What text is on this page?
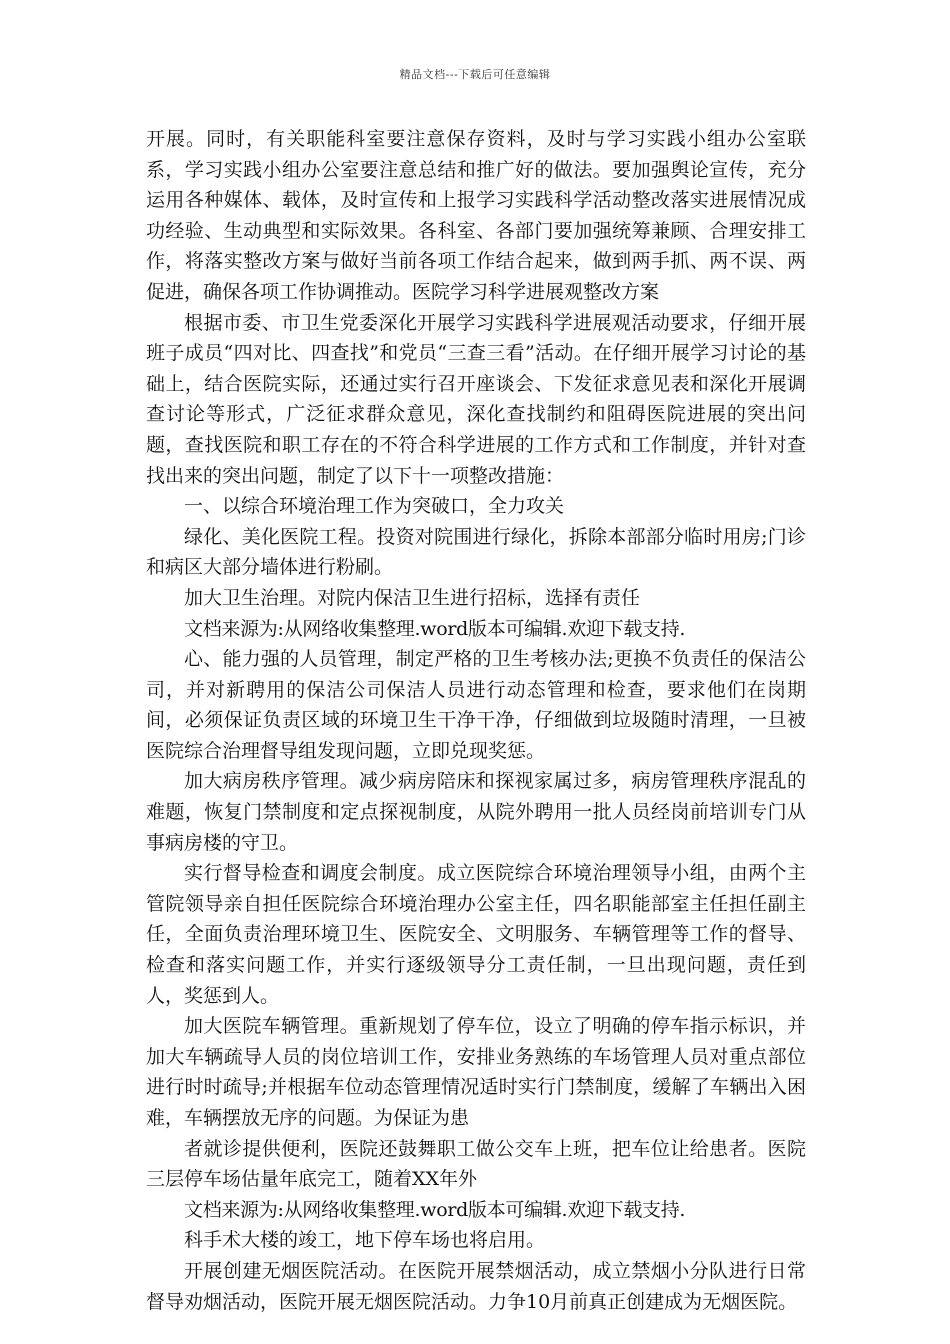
精品文档---下载后可任意编辑

开展。同时，有关职能科室要注意保存资料，及时与学习实践小组办公室联系，学习实践小组办公室要注意总结和推广好的做法。要加强舆论宣传，充分运用各种媒体、载体，及时宣传和上报学习实践科学活动整改落实进展情况成功经验、生动典型和实际效果。各科室、各部门要加强统筹兼顾、合理安排工作，将落实整改方案与做好当前各项工作结合起来，做到两手抓、两不误、两促进，确保各项工作协调推动。医院学习科学进展观整改方案

根据市委、市卫生党委深化开展学习实践科学进展观活动要求，仔细开展班子成员“四对比、四查找”和党员“三查三看”活动。在仔细开展学习讨论的基础上，结合医院实际，还通过实行召开座谈会、下发征求意见表和深化开展调查讨论等形式，广泛征求群众意见，深化查找制约和阻碍医院进展的突出问题，查找医院和职工存在的不符合科学进展的工作方式和工作制度，并针对查找出来的突出问题，制定了以下十一项整改措施：

一、以综合环境治理工作为突破口，全力攻关

绿化、美化医院工程。投资对院围进行绿化，拆除本部部分临时用房;门诊和病区大部分墙体进行粉刷。

加大卫生治理。对院内保洁卫生进行招标，选择有责任

文档来源为:从网络收集整理.word版本可编辑.欢迎下载支持.

心、能力强的人员管理，制定严格的卫生考核办法;更换不负责任的保洁公司，并对新聘用的保洁公司保洁人员进行动态管理和检查，要求他们在岗期间，必须保证负责区域的环境卫生干净干净，仔细做到垃圾随时清理，一旦被医院综合治理督导组发现问题，立即兑现奖惩。

加大病房秩序管理。减少病房陪床和探视家属过多，病房管理秩序混乱的难题，恢复门禁制度和定点探视制度，从院外聘用一批人员经岗前培训专门从事病房楼的守卫。

实行督导检查和调度会制度。成立医院综合环境治理领导小组，由两个主管院领导亲自担任医院综合环境治理办公室主任，四名职能部室主任担任副主任，全面负责治理环境卫生、医院安全、文明服务、车辆管理等工作的督导、检查和落实问题工作，并实行逐级领导分工责任制，一旦出现问题，责任到人，奖惩到人。

加大医院车辆管理。重新规划了停车位，设立了明确的停车指示标识，并加大车辆疏导人员的岗位培训工作，安排业务熟练的车场管理人员对重点部位进行时时疏导;并根据车位动态管理情况适时实行门禁制度，缓解了车辆出入困难，车辆摆放无序的问题。为保证为患

者就诊提供便利，医院还鼓舞职工做公交车上班，把车位让给患者。医院三层停车场估量年底完工，随着XX年外

文档来源为:从网络收集整理.word版本可编辑.欢迎下载支持.

科手术大楼的竣工，地下停车场也将启用。

开展创建无烟医院活动。在医院开展禁烟活动，成立禁烟小分队进行日常督导劝烟活动，医院开展无烟医院活动。力争10月前真正创建成为无烟医院。
